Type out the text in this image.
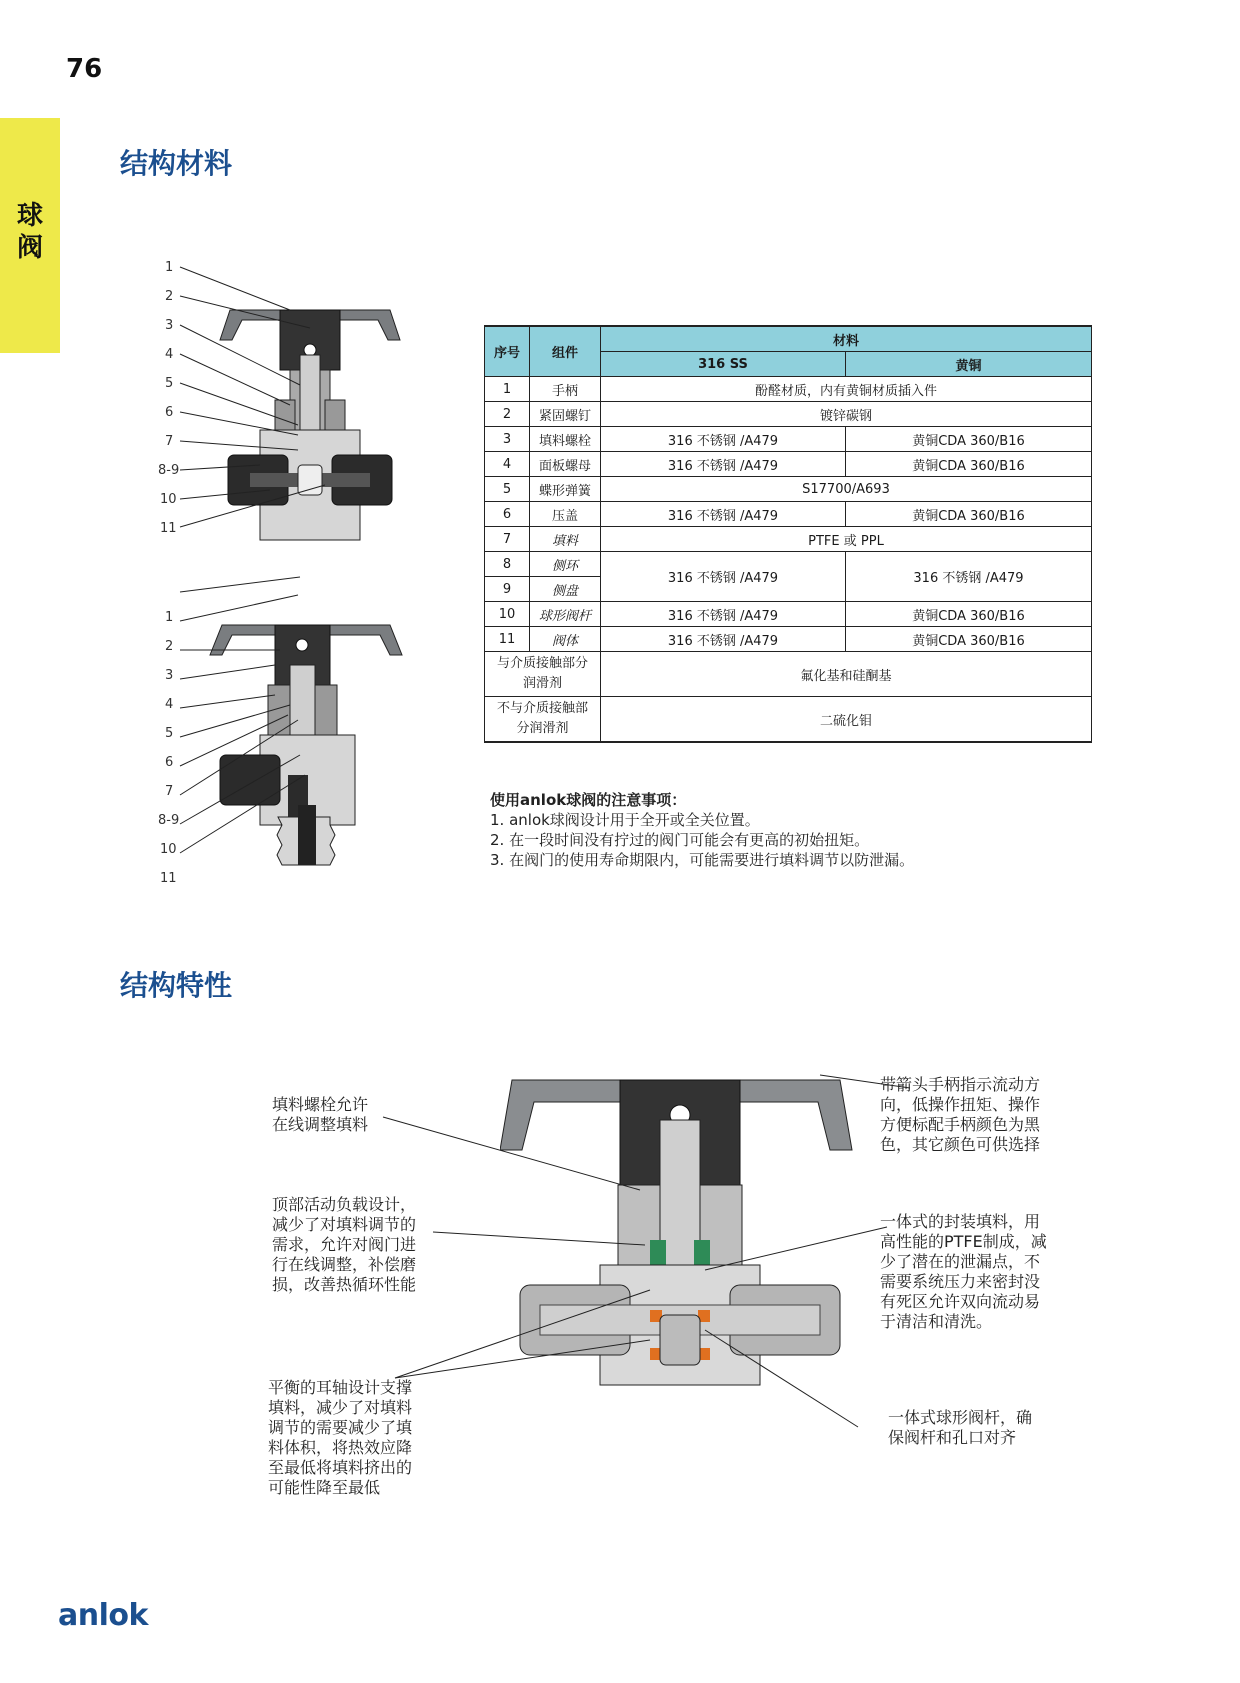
76
球
阀
结构材料
1
2
3
4
5
6
7
8-9
10
11
1
2
3
4
5
6
7
8-9
10
11
序号	组件	材料	
		316 SS	黄铜
1	手柄	酚醛材质，内有黄铜材质插入件	
2	紧固螺钉	镀锌碳钢	
3	填料螺栓	316 不锈钢 /A479	黄铜CDA 360/B16
4	面板螺母	316 不锈钢 /A479	黄铜CDA 360/B16
5	蝶形弹簧	S17700/A693	
6	压盖	316 不锈钢 /A479	黄铜CDA 360/B16
7	填料	PTFE 或 PPL	
8	侧环	316 不锈钢 /A479	316 不锈钢 /A479
9	侧盘		
10	球形阀杆	316 不锈钢 /A479	黄铜CDA 360/B16
11	阀体	316 不锈钢 /A479	黄铜CDA 360/B16
与介质接触部分
润滑剂		氟化基和硅酮基	
不与介质接触部
分润滑剂		二硫化钼	
使用anlok球阀的注意事项：
1. anlok球阀设计用于全开或全关位置。
2. 在一段时间没有拧过的阀门可能会有更高的初始扭矩。
3. 在阀门的使用寿命期限内，可能需要进行填料调节以防泄漏。
结构特性
填料螺栓允许
在线调整填料
顶部活动负载设计，
减少了对填料调节的
需求，允许对阀门进
行在线调整，补偿磨
损，改善热循环性能
平衡的耳轴设计支撑
填料，减少了对填料
调节的需要减少了填
料体积，将热效应降
至最低将填料挤出的
可能性降至最低
带箭头手柄指示流动方
向，低操作扭矩、操作
方便标配手柄颜色为黑
色，其它颜色可供选择
一体式的封装填料，用
高性能的PTFE制成，减
少了潜在的泄漏点，不
需要系统压力来密封没
有死区允许双向流动易
于清洁和清洗。
一体式球形阀杆，确
保阀杆和孔口对齐
anlok
